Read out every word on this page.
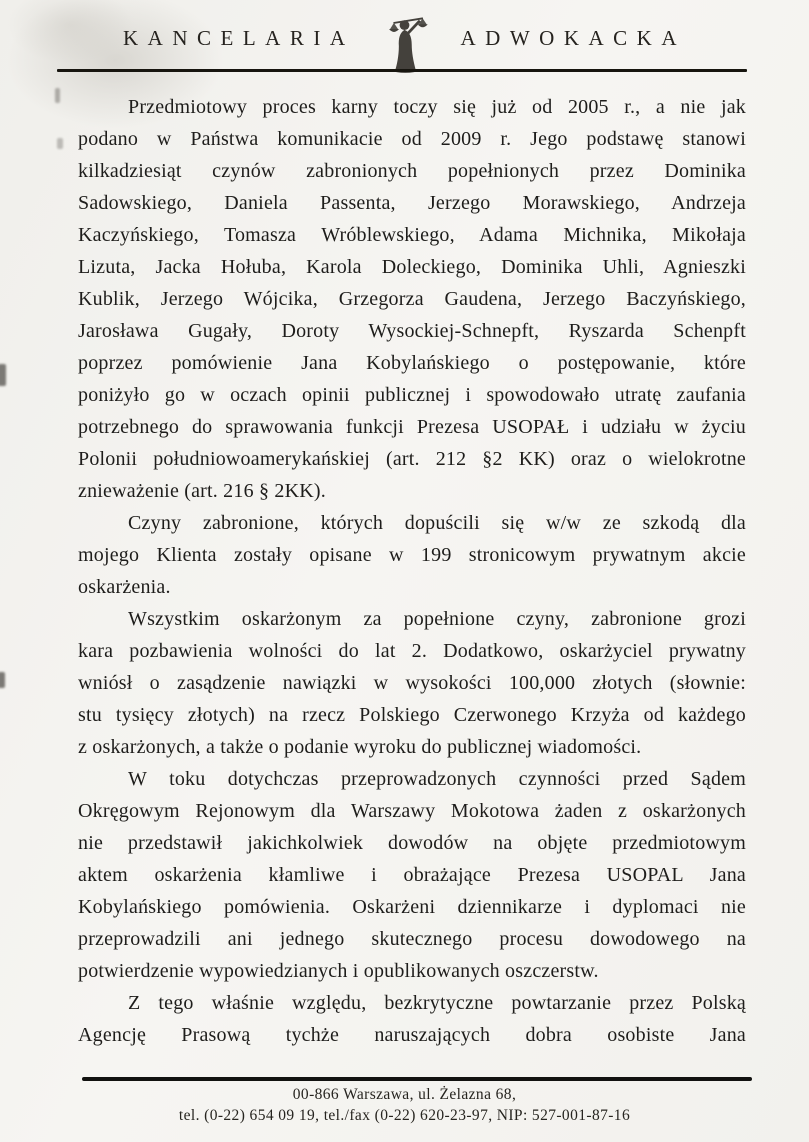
KANCELARIA	ADWOKACKA
Przedmiotowy proces karny toczy się już od 2005 r., a nie jak
podano w Państwa komunikacie od 2009 r. Jego podstawę stanowi
kilkadziesiąt czynów zabronionych popełnionych przez Dominika
Sadowskiego, Daniela Passenta, Jerzego Morawskiego, Andrzeja
Kaczyńskiego, Tomasza Wróblewskiego, Adama Michnika, Mikołaja
Lizuta, Jacka Hołuba, Karola Doleckiego, Dominika Uhli, Agnieszki
Kublik, Jerzego Wójcika, Grzegorza Gaudena, Jerzego Baczyńskiego,
Jarosława Gugały, Doroty Wysockiej-Schnepft, Ryszarda Schenpft
poprzez pomówienie Jana Kobylańskiego o postępowanie, które
poniżyło go w oczach opinii publicznej i spowodowało utratę zaufania
potrzebnego do sprawowania funkcji Prezesa USOPAŁ i udziału w życiu
Polonii południowoamerykańskiej (art. 212 §2 KK) oraz o wielokrotne
znieważenie (art. 216 § 2KK).
Czyny zabronione, których dopuścili się w/w ze szkodą dla
mojego Klienta zostały opisane w 199 stronicowym prywatnym akcie
oskarżenia.
Wszystkim oskarżonym za popełnione czyny, zabronione grozi
kara pozbawienia wolności do lat 2. Dodatkowo, oskarżyciel prywatny
wniósł o zasądzenie nawiązki w wysokości 100,000 złotych (słownie:
stu tysięcy złotych) na rzecz Polskiego Czerwonego Krzyża od każdego
z oskarżonych, a także o podanie wyroku do publicznej wiadomości.
W toku dotychczas przeprowadzonych czynności przed Sądem
Okręgowym Rejonowym dla Warszawy Mokotowa żaden z oskarżonych
nie przedstawił jakichkolwiek dowodów na objęte przedmiotowym
aktem oskarżenia kłamliwe i obrażające Prezesa USOPAL Jana
Kobylańskiego pomówienia. Oskarżeni dziennikarze i dyplomaci nie
przeprowadzili ani jednego skutecznego procesu dowodowego na
potwierdzenie wypowiedzianych i opublikowanych oszczerstw.
Z tego właśnie względu, bezkrytyczne powtarzanie przez Polską
Agencję Prasową tychże naruszających dobra osobiste Jana
00-866 Warszawa, ul. Żelazna 68,
tel. (0-22) 654 09 19, tel./fax (0-22) 620-23-97, NIP: 527-001-87-16
